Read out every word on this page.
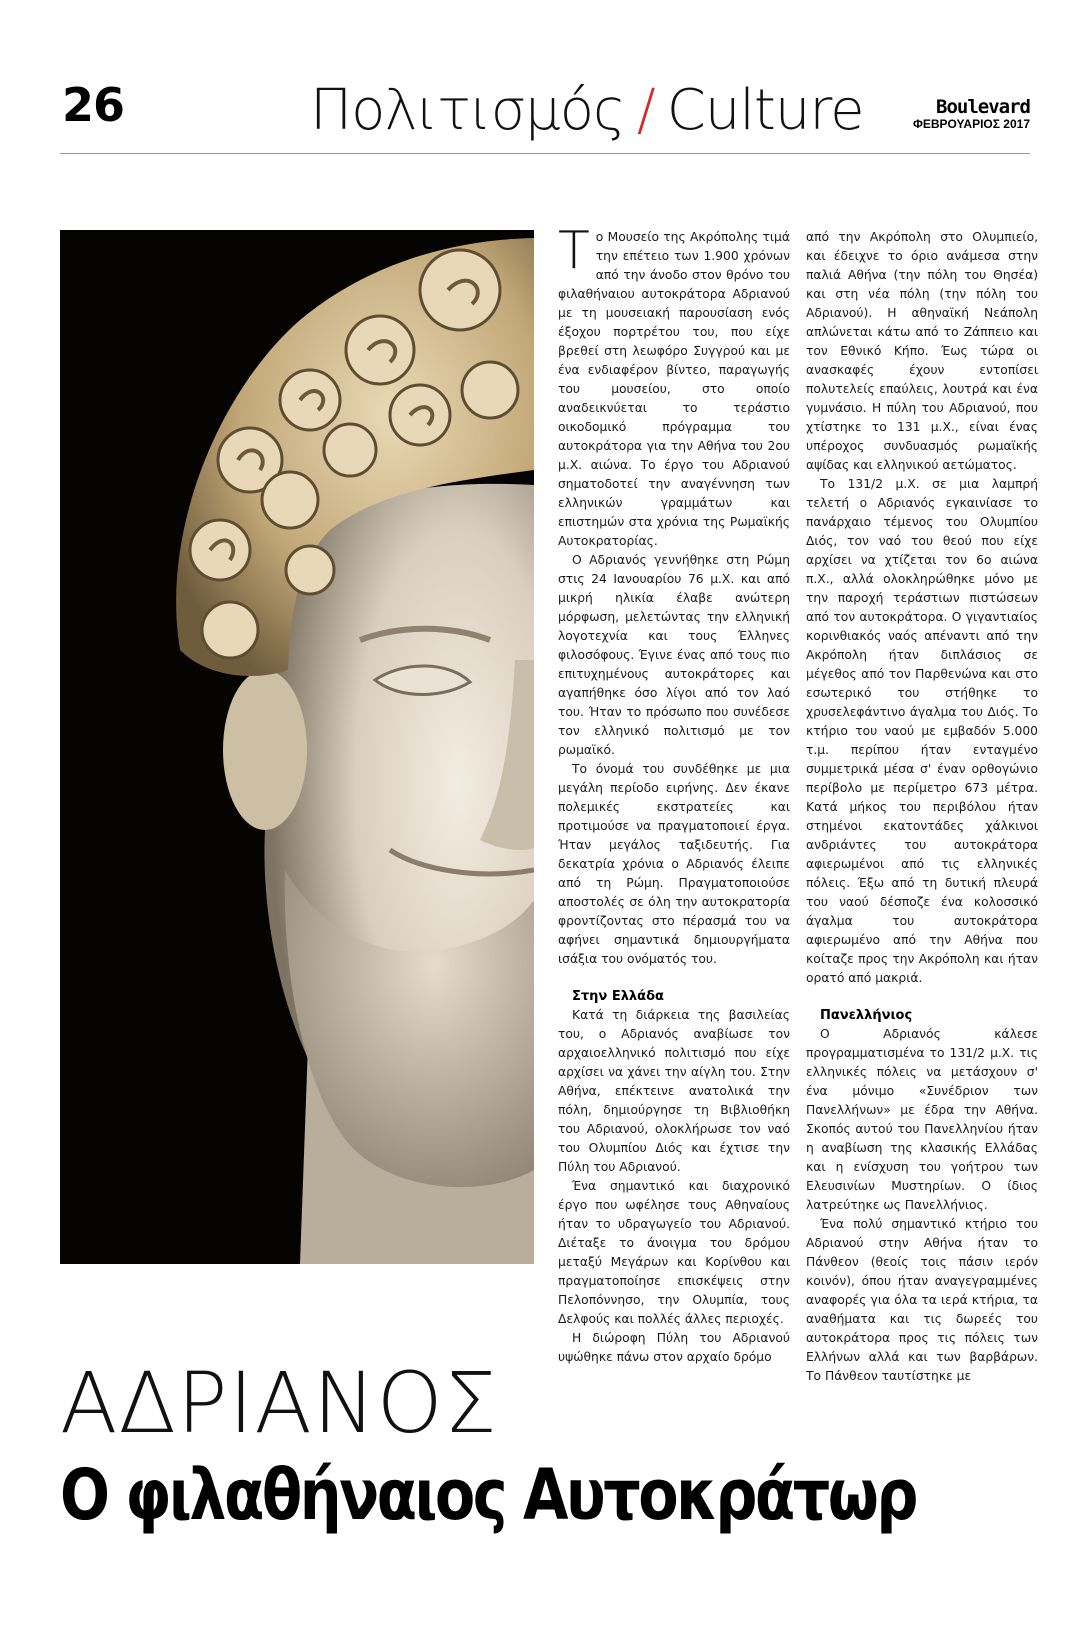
26	Πολιτισμός / Culture	Boulevard
ΦΕΒΡΟΥΑΡΙΟΣ 2017

Το Μουσείο της Ακρόπολης τιμά την επέτειο των 1.900 χρόνων από την άνοδο στον θρόνο του φιλαθήναιου αυτοκράτορα Αδριανού με τη μουσειακή παρουσίαση ενός έξοχου πορτρέτου του, που είχε βρεθεί στη λεωφόρο Συγγρού και με ένα ενδιαφέρον βίντεο, παραγωγής του μουσείου, στο οποίο αναδεικνύεται το τεράστιο οικοδομικό πρόγραμμα του αυτοκράτορα για την Αθήνα του 2ου μ.Χ. αιώνα. Το έργο του Αδριανού σηματοδοτεί την αναγέννηση των ελληνικών γραμμάτων και επιστημών στα χρόνια της Ρωμαϊκής Αυτοκρατορίας.

Ο Αδριανός γεννήθηκε στη Ρώμη στις 24 Ιανουαρίου 76 μ.Χ. και από μικρή ηλικία έλαβε ανώτερη μόρφωση, μελετώντας την ελληνική λογοτεχνία και τους Έλληνες φιλοσόφους. Έγινε ένας από τους πιο επιτυχημένους αυτοκράτορες και αγαπήθηκε όσο λίγοι από τον λαό του. Ήταν το πρόσωπο που συνέδεσε τον ελληνικό πολιτισμό με τον ρωμαϊκό.

Το όνομά του συνδέθηκε με μια μεγάλη περίοδο ειρήνης. Δεν έκανε πολεμικές εκστρατείες και προτιμούσε να πραγματοποιεί έργα. Ήταν μεγάλος ταξιδευτής. Για δεκατρία χρόνια ο Αδριανός έλειπε από τη Ρώμη. Πραγματοποιούσε αποστολές σε όλη την αυτοκρατορία φροντίζοντας στο πέρασμά του να αφήνει σημαντικά δημιουργήματα ισάξια του ονόματός του.

Στην Ελλάδα

Κατά τη διάρκεια της βασιλείας του, ο Αδριανός αναβίωσε τον αρχαιοελληνικό πολιτισμό που είχε αρχίσει να χάνει την αίγλη του. Στην Αθήνα, επέκτεινε ανατολικά την πόλη, δημιούργησε τη Βιβλιοθήκη του Αδριανού, ολοκλήρωσε τον ναό του Ολυμπίου Διός και έχτισε την Πύλη του Αδριανού.

Ένα σημαντικό και διαχρονικό έργο που ωφέλησε τους Αθηναίους ήταν το υδραγωγείο του Αδριανού. Διέταξε το άνοιγμα του δρόμου μεταξύ Μεγάρων και Κορίνθου και πραγματοποίησε επισκέψεις στην Πελοπόννησο, την Ολυμπία, τους Δελφούς και πολλές άλλες περιοχές.

Η διώροφη Πύλη του Αδριανού υψώθηκε πάνω στον αρχαίο δρόμο

από την Ακρόπολη στο Ολυμπιείο, και έδειχνε το όριο ανάμεσα στην παλιά Αθήνα (την πόλη του Θησέα) και στη νέα πόλη (την πόλη του Αδριανού). Η αθηναϊκή Νεάπολη απλώνεται κάτω από το Ζάππειο και τον Εθνικό Κήπο. Έως τώρα οι ανασκαφές έχουν εντοπίσει πολυτελείς επαύλεις, λουτρά και ένα γυμνάσιο. Η πύλη του Αδριανού, που χτίστηκε το 131 μ.Χ., είναι ένας υπέροχος συνδυασμός ρωμαϊκής αψίδας και ελληνικού αετώματος.

Το 131/2 μ.Χ. σε μια λαμπρή τελετή ο Αδριανός εγκαινίασε το πανάρχαιο τέμενος του Ολυμπίου Διός, τον ναό του θεού που είχε αρχίσει να χτίζεται τον 6ο αιώνα π.Χ., αλλά ολοκληρώθηκε μόνο με την παροχή τεράστιων πιστώσεων από τον αυτοκράτορα. Ο γιγαντιαίος κορινθιακός ναός απέναντι από την Ακρόπολη ήταν διπλάσιος σε μέγεθος από τον Παρθενώνα και στο εσωτερικό του στήθηκε το χρυσελεφάντινο άγαλμα του Διός. Το κτήριο του ναού με εμβαδόν 5.000 τ.μ. περίπου ήταν ενταγμένο συμμετρικά μέσα σ' έναν ορθογώνιο περίβολο με περίμετρο 673 μέτρα. Κατά μήκος του περιβόλου ήταν στημένοι εκατοντάδες χάλκινοι ανδριάντες του αυτοκράτορα αφιερωμένοι από τις ελληνικές πόλεις. Έξω από τη δυτική πλευρά του ναού δέσποζε ένα κολοσσικό άγαλμα του αυτοκράτορα αφιερωμένο από την Αθήνα που κοίταζε προς την Ακρόπολη και ήταν ορατό από μακριά.

Πανελλήνιος

Ο Αδριανός κάλεσε προγραμματισμένα το 131/2 μ.Χ. τις ελληνικές πόλεις να μετάσχουν σ' ένα μόνιμο «Συνέδριον των Πανελλήνων» με έδρα την Αθήνα. Σκοπός αυτού του Πανελληνίου ήταν η αναβίωση της κλασικής Ελλάδας και η ενίσχυση του γοήτρου των Ελευσινίων Μυστηρίων. Ο ίδιος λατρεύτηκε ως Πανελλήνιος.

Ένα πολύ σημαντικό κτήριο του Αδριανού στην Αθήνα ήταν το Πάνθεον (θεοίς τοις πάσιν ιερόν κοινόν), όπου ήταν αναγεγραμμένες αναφορές για όλα τα ιερά κτήρια, τα αναθήματα και τις δωρεές του αυτοκράτορα προς τις πόλεις των Ελλήνων αλλά και των βαρβάρων. Το Πάνθεον ταυτίστηκε με

ΑΔΡΙΑΝΟΣ
Ο φιλαθήναιος Αυτοκράτωρ
